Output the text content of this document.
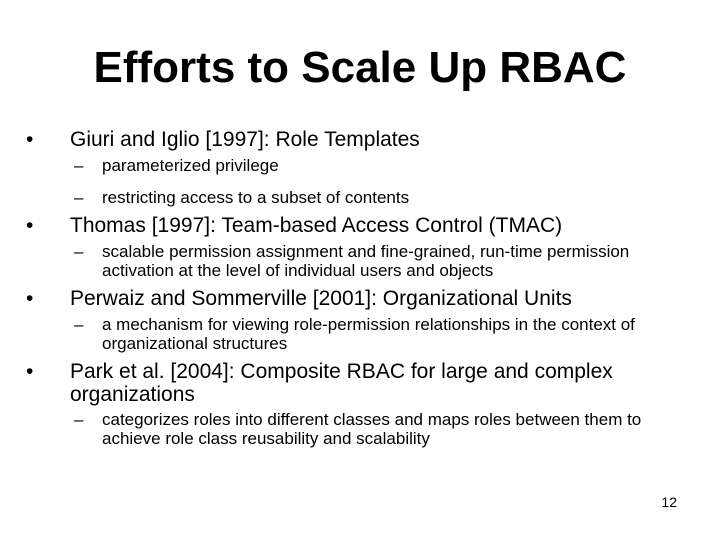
Efforts to Scale Up RBAC
• Giuri and Iglio [1997]: Role Templates
– parameterized privilege
– restricting access to a subset of contents
• Thomas [1997]: Team-based Access Control (TMAC)
– scalable permission assignment and fine-grained, run-time permission activation at the level of individual users and objects
• Perwaiz and Sommerville [2001]: Organizational Units
– a mechanism for viewing role-permission relationships in the context of organizational structures
• Park et al. [2004]: Composite RBAC for large and complex organizations
– categorizes roles into different classes and maps roles between them to achieve role class reusability and scalability
12
